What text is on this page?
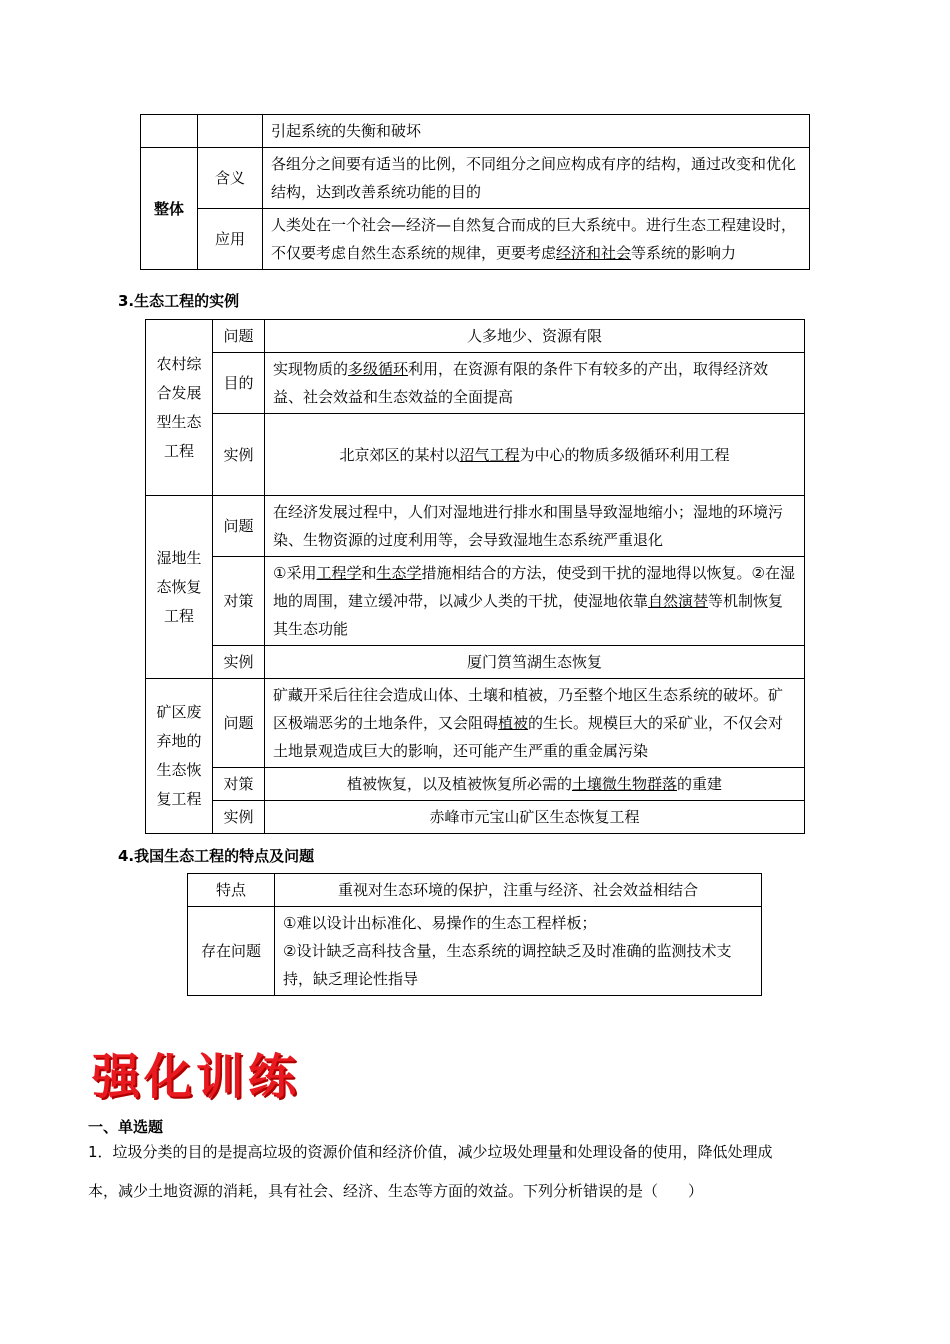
		引起系统的失衡和破坏
整体	含义	各组分之间要有适当的比例，不同组分之间应构成有序的结构，通过改变和优化结构，达到改善系统功能的目的
	应用	人类处在一个社会—经济—自然复合而成的巨大系统中。进行生态工程建设时，不仅要考虑自然生态系统的规律，更要考虑经济和社会等系统的影响力
3.生态工程的实例
农村综合发展型生态工程	问题	人多地少、资源有限
	目的	实现物质的多级循环利用，在资源有限的条件下有较多的产出，取得经济效益、社会效益和生态效益的全面提高
	实例	北京郊区的某村以沼气工程为中心的物质多级循环利用工程
湿地生态恢复工程	问题	在经济发展过程中，人们对湿地进行排水和围垦导致湿地缩小；湿地的环境污染、生物资源的过度利用等，会导致湿地生态系统严重退化
	对策	①采用工程学和生态学措施相结合的方法，使受到干扰的湿地得以恢复。②在湿地的周围，建立缓冲带，以减少人类的干扰，使湿地依靠自然演替等机制恢复其生态功能
	实例	厦门筼筜湖生态恢复
矿区废弃地的生态恢复工程	问题	矿藏开采后往往会造成山体、土壤和植被，乃至整个地区生态系统的破坏。矿区极端恶劣的土地条件，又会阻碍植被的生长。规模巨大的采矿业，不仅会对土地景观造成巨大的影响，还可能产生严重的重金属污染
	对策	植被恢复，以及植被恢复所必需的土壤微生物群落的重建
	实例	赤峰市元宝山矿区生态恢复工程
4.我国生态工程的特点及问题
特点	重视对生态环境的保护，注重与经济、社会效益相结合
存在问题	①难以设计出标准化、易操作的生态工程样板；
②设计缺乏高科技含量，生态系统的调控缺乏及时准确的监测技术支持，缺乏理论性指导
强化训练
一、单选题
1．垃圾分类的目的是提高垃圾的资源价值和经济价值，减少垃圾处理量和处理设备的使用，降低处理成
本，减少土地资源的消耗，具有社会、经济、生态等方面的效益。下列分析错误的是（　　）
